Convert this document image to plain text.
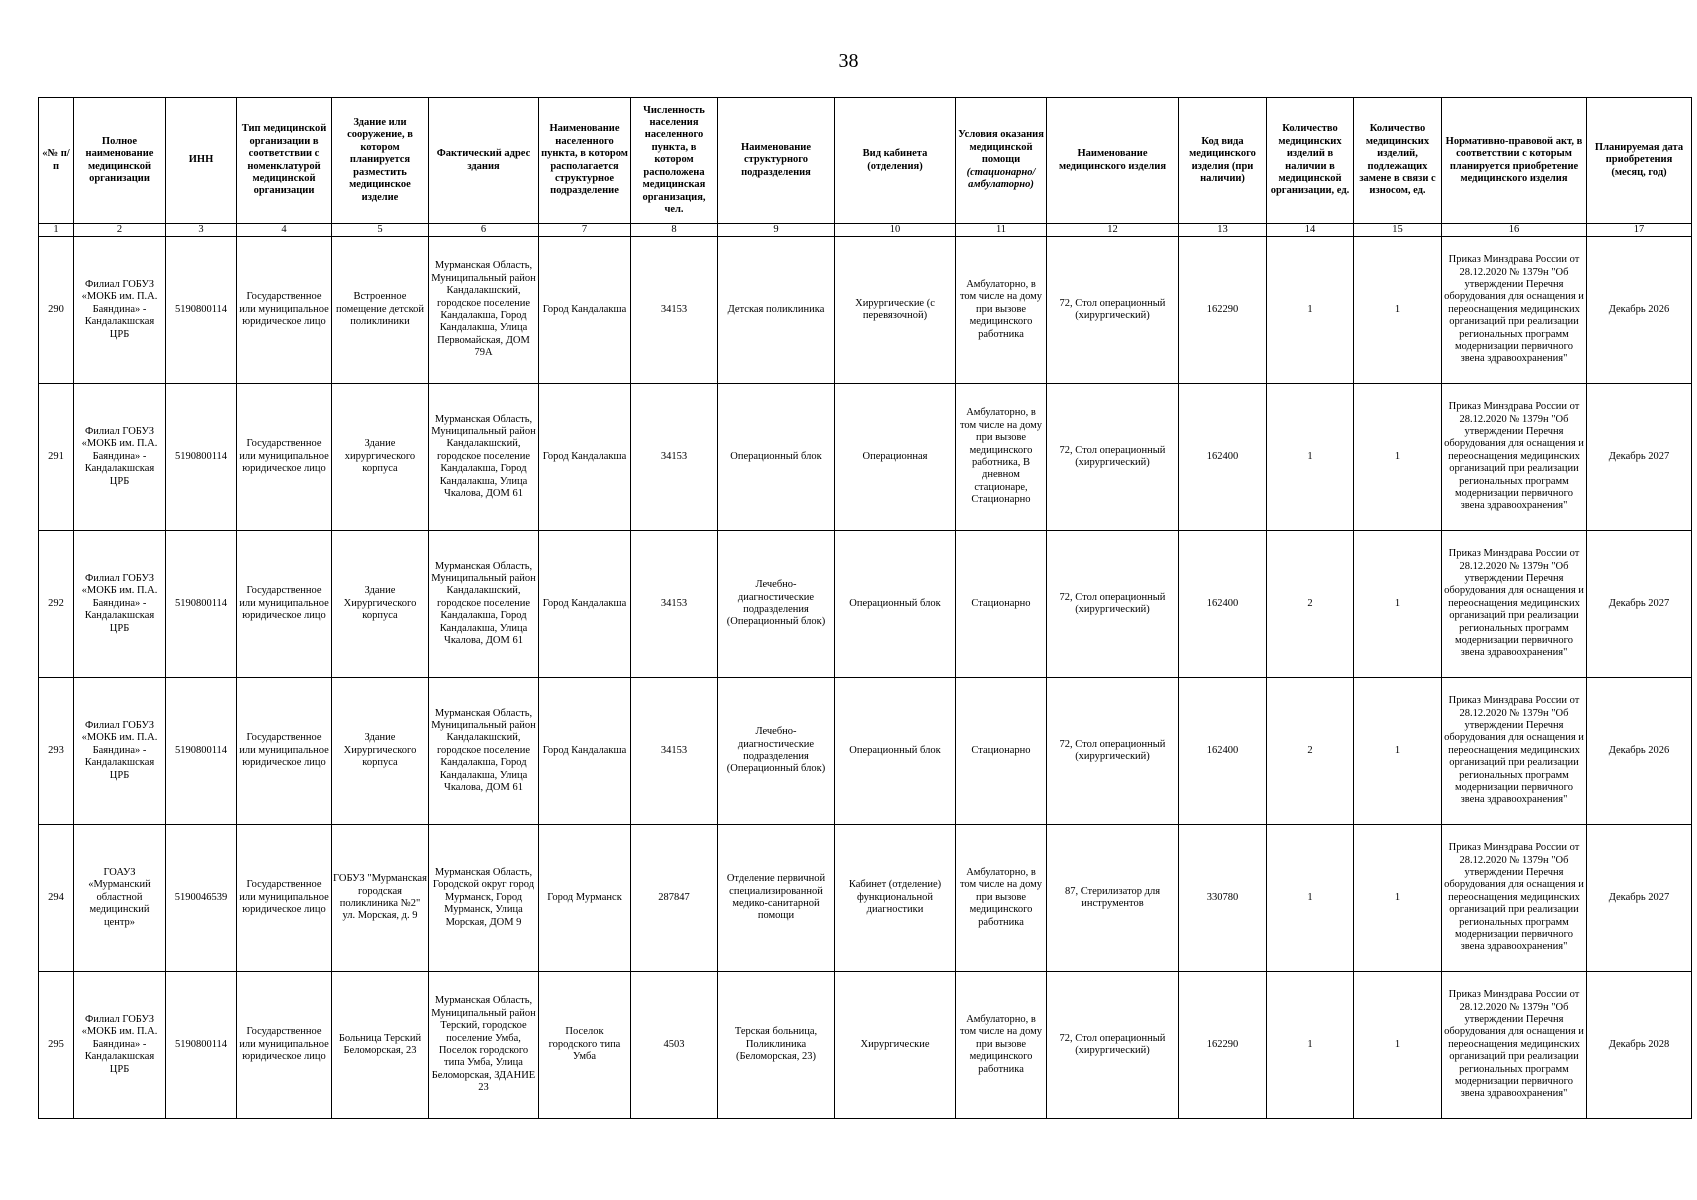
38
«№ п/п	Полное наименование медицинской организации	ИНН	Тип медицинской организации в соответствии с номенклатурой медицинской организации	Здание или сооружение, в котором планируется разместить медицинское изделие	Фактический адрес здания	Наименование населенного пункта, в котором располагается структурное подразделение	Численность населения населенного пункта, в котором расположена медицинская организация, чел.	Наименование структурного подразделения	Вид кабинета (отделения)	Условия оказания медицинской помощи (стационарно/ амбулаторно)	Наименование медицинского изделия	Код вида медицинского изделия (при наличии)	Количество медицинских изделий в наличии в медицинской организации, ед.	Количество медицинских изделий, подлежащих замене в связи с износом, ед.	Нормативно-правовой акт, в соответствии с которым планируется приобретение медицинского изделия	Планируемая дата приобретения (месяц, год)
1	2	3	4	5	6	7	8	9	10	11	12	13	14	15	16	17
290	Филиал ГОБУЗ «МОКБ им. П.А. Баяндина» - Кандалакшская ЦРБ	5190800114	Государственное или муниципальное юридическое лицо	Встроенное помещение детской поликлиники	Мурманская Область, Муниципальный район Кандалакшский, городское поселение Кандалакша, Город Кандалакша, Улица Первомайская, ДОМ 79А	Город Кандалакша	34153	Детская поликлиника	Хирургические (с перевязочной)	Амбулаторно, в том числе на дому при вызове медицинского работника	72, Стол операционный (хирургический)	162290	1	1	Приказ Минздрава России от 28.12.2020 № 1379н "Об утверждении Перечня оборудования для оснащения и переоснащения медицинских организаций при реализации региональных программ модернизации первичного звена здравоохранения"	Декабрь 2026
291	Филиал ГОБУЗ «МОКБ им. П.А. Баяндина» - Кандалакшская ЦРБ	5190800114	Государственное или муниципальное юридическое лицо	Здание хирургического корпуса	Мурманская Область, Муниципальный район Кандалакшский, городское поселение Кандалакша, Город Кандалакша, Улица Чкалова, ДОМ 61	Город Кандалакша	34153	Операционный блок	Операционная	Амбулаторно, в том числе на дому при вызове медицинского работника, В дневном стационаре, Стационарно	72, Стол операционный (хирургический)	162400	1	1	Приказ Минздрава России от 28.12.2020 № 1379н "Об утверждении Перечня оборудования для оснащения и переоснащения медицинских организаций при реализации региональных программ модернизации первичного звена здравоохранения"	Декабрь 2027
292	Филиал ГОБУЗ «МОКБ им. П.А. Баяндина» - Кандалакшская ЦРБ	5190800114	Государственное или муниципальное юридическое лицо	Здание Хирургического корпуса	Мурманская Область, Муниципальный район Кандалакшский, городское поселение Кандалакша, Город Кандалакша, Улица Чкалова, ДОМ 61	Город Кандалакша	34153	Лечебно-диагностические подразделения (Операционный блок)	Операционный блок	Стационарно	72, Стол операционный (хирургический)	162400	2	1	Приказ Минздрава России от 28.12.2020 № 1379н "Об утверждении Перечня оборудования для оснащения и переоснащения медицинских организаций при реализации региональных программ модернизации первичного звена здравоохранения"	Декабрь 2027
293	Филиал ГОБУЗ «МОКБ им. П.А. Баяндина» - Кандалакшская ЦРБ	5190800114	Государственное или муниципальное юридическое лицо	Здание Хирургического корпуса	Мурманская Область, Муниципальный район Кандалакшский, городское поселение Кандалакша, Город Кандалакша, Улица Чкалова, ДОМ 61	Город Кандалакша	34153	Лечебно-диагностические подразделения (Операционный блок)	Операционный блок	Стационарно	72, Стол операционный (хирургический)	162400	2	1	Приказ Минздрава России от 28.12.2020 № 1379н "Об утверждении Перечня оборудования для оснащения и переоснащения медицинских организаций при реализации региональных программ модернизации первичного звена здравоохранения"	Декабрь 2026
294	ГОАУЗ «Мурманский областной медицинский центр»	5190046539	Государственное или муниципальное юридическое лицо	ГОБУЗ "Мурманская городская поликлиника №2" ул. Морская, д. 9	Мурманская Область, Городской округ город Мурманск, Город Мурманск, Улица Морская, ДОМ 9	Город Мурманск	287847	Отделение первичной специализированной медико-санитарной помощи	Кабинет (отделение) функциональной диагностики	Амбулаторно, в том числе на дому при вызове медицинского работника	87, Стерилизатор для инструментов	330780	1	1	Приказ Минздрава России от 28.12.2020 № 1379н "Об утверждении Перечня оборудования для оснащения и переоснащения медицинских организаций при реализации региональных программ модернизации первичного звена здравоохранения"	Декабрь 2027
295	Филиал ГОБУЗ «МОКБ им. П.А. Баяндина» - Кандалакшская ЦРБ	5190800114	Государственное или муниципальное юридическое лицо	Больница Терский Беломорская, 23	Мурманская Область, Муниципальный район Терский, городское поселение Умба, Поселок городского типа Умба, Улица Беломорская, ЗДАНИЕ 23	Поселок городского типа Умба	4503	Терская больница, Поликлиника (Беломорская, 23)	Хирургические	Амбулаторно, в том числе на дому при вызове медицинского работника	72, Стол операционный (хирургический)	162290	1	1	Приказ Минздрава России от 28.12.2020 № 1379н "Об утверждении Перечня оборудования для оснащения и переоснащения медицинских организаций при реализации региональных программ модернизации первичного звена здравоохранения"	Декабрь 2028
